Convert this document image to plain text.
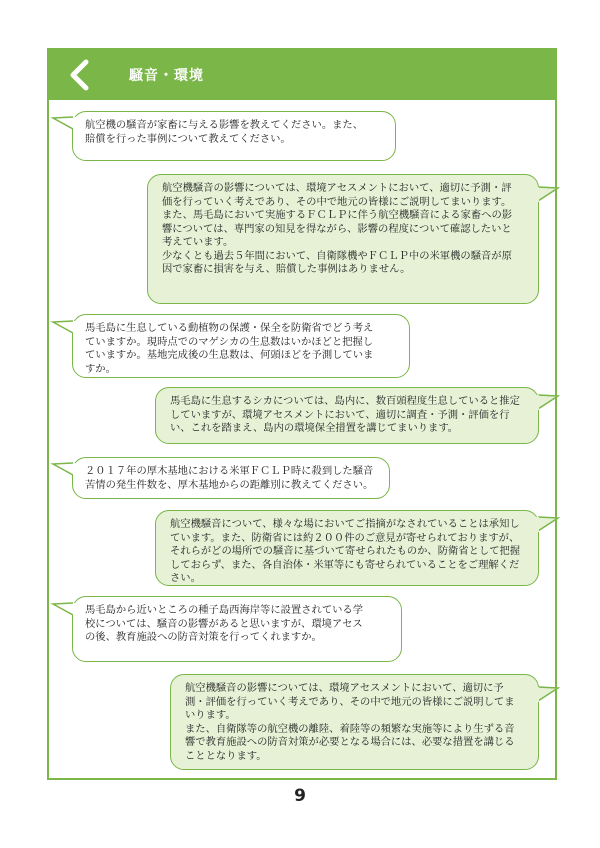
騒音・環境
航空機の騒音が家畜に与える影響を教えてください。また、
賠償を行った事例について教えてください。
航空機騒音の影響については、環境アセスメントにおいて、適切に予測・評
価を行っていく考えであり、その中で地元の皆様にご説明してまいります。
また、馬毛島において実施するＦＣＬＰに伴う航空機騒音による家畜への影
響については、専門家の知見を得ながら、影響の程度について確認したいと
考えています。
少なくとも過去５年間において、自衛隊機やＦＣＬＰ中の米軍機の騒音が原
因で家畜に損害を与え、賠償した事例はありません。
馬毛島に生息している動植物の保護・保全を防衛省でどう考え
ていますか。現時点でのマゲシカの生息数はいかほどと把握し
ていますか。基地完成後の生息数は、何頭ほどを予測していま
すか。
馬毛島に生息するシカについては、島内に、数百頭程度生息していると推定
していますが、環境アセスメントにおいて、適切に調査・予測・評価を行
い、これを踏まえ、島内の環境保全措置を講じてまいります。
２０１７年の厚木基地における米軍ＦＣＬＰ時に殺到した騒音
苦情の発生件数を、厚木基地からの距離別に教えてください。
航空機騒音について、様々な場においてご指摘がなされていることは承知し
ています。また、防衛省には約２００件のご意見が寄せられておりますが、
それらがどの場所での騒音に基づいて寄せられたものか、防衛省として把握
しておらず、また、各自治体・米軍等にも寄せられていることをご理解くだ
さい。
馬毛島から近いところの種子島西海岸等に設置されている学
校については、騒音の影響があると思いますが、環境アセス
の後、教育施設への防音対策を行ってくれますか。
航空機騒音の影響については、環境アセスメントにおいて、適切に予
測・評価を行っていく考えであり、その中で地元の皆様にご説明してま
いります。
また、自衛隊等の航空機の離陸、着陸等の頻繁な実施等により生ずる音
響で教育施設への防音対策が必要となる場合には、必要な措置を講じる
こととなります。
9
